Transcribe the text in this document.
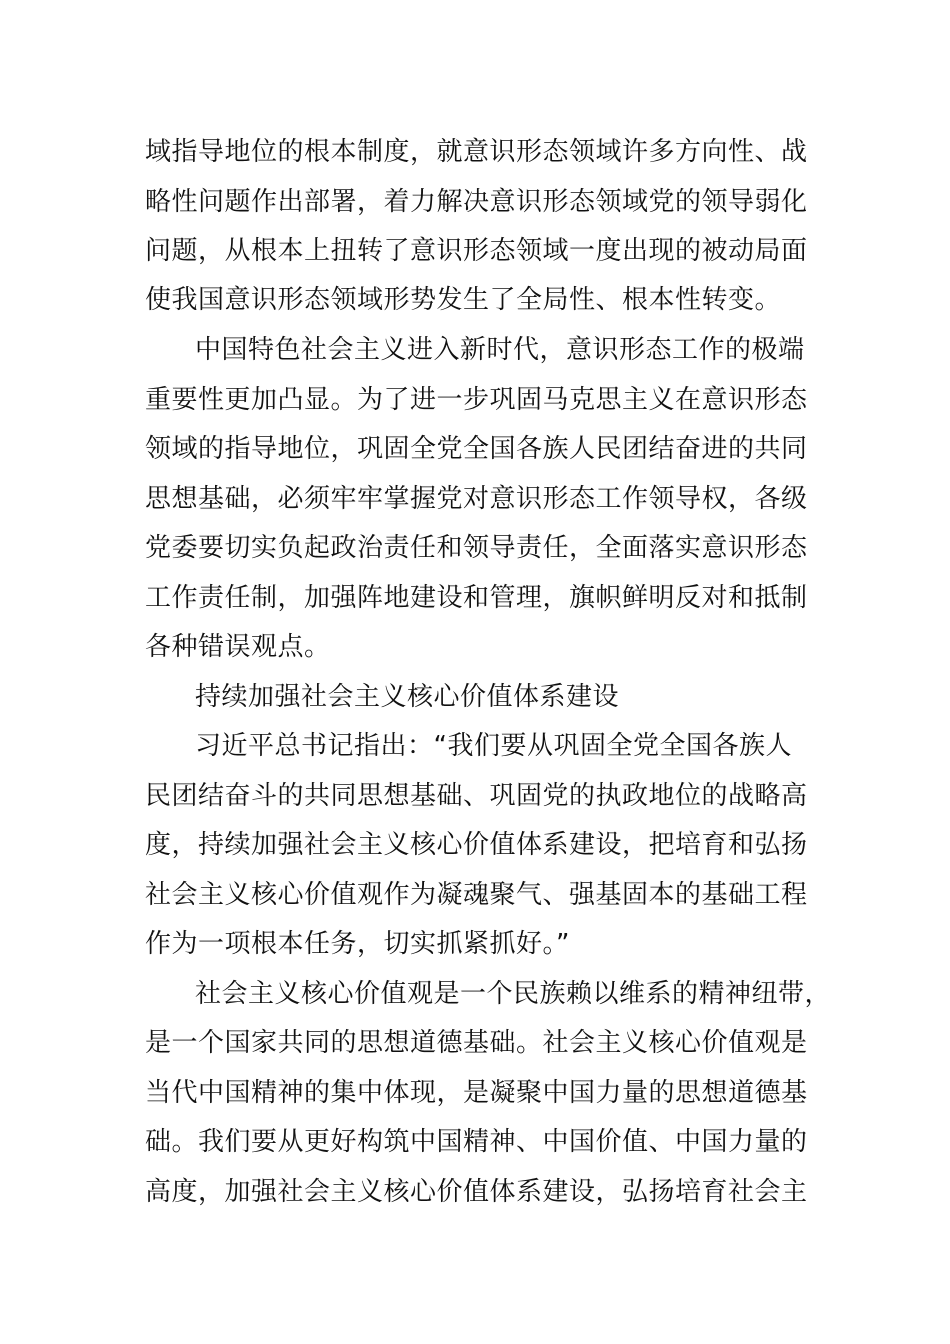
域指导地位的根本制度，就意识形态领域许多方向性、战
略性问题作出部署，着力解决意识形态领域党的领导弱化
问题，从根本上扭转了意识形态领域一度出现的被动局面
使我国意识形态领域形势发生了全局性、根本性转变。
中国特色社会主义进入新时代，意识形态工作的极端
重要性更加凸显。为了进一步巩固马克思主义在意识形态
领域的指导地位，巩固全党全国各族人民团结奋进的共同
思想基础，必须牢牢掌握党对意识形态工作领导权，各级
党委要切实负起政治责任和领导责任，全面落实意识形态
工作责任制，加强阵地建设和管理，旗帜鲜明反对和抵制
各种错误观点。
持续加强社会主义核心价值体系建设
习近平总书记指出：“我们要从巩固全党全国各族人
民团结奋斗的共同思想基础、巩固党的执政地位的战略高
度，持续加强社会主义核心价值体系建设，把培育和弘扬
社会主义核心价值观作为凝魂聚气、强基固本的基础工程
作为一项根本任务，切实抓紧抓好。”
社会主义核心价值观是一个民族赖以维系的精神纽带，
是一个国家共同的思想道德基础。社会主义核心价值观是
当代中国精神的集中体现，是凝聚中国力量的思想道德基
础。我们要从更好构筑中国精神、中国价值、中国力量的
高度，加强社会主义核心价值体系建设，弘扬培育社会主
